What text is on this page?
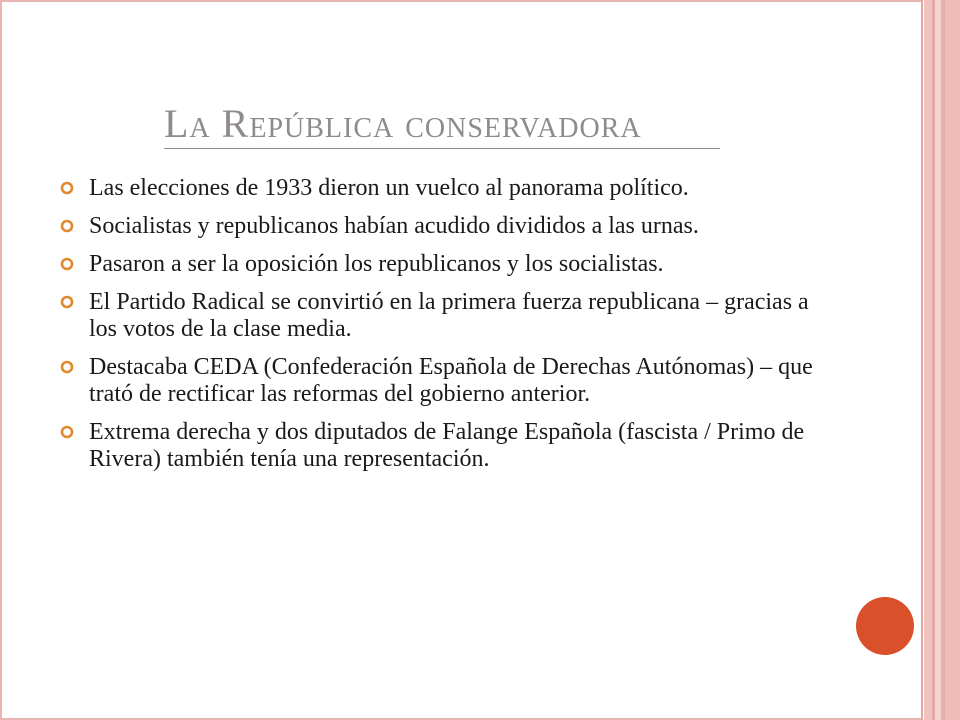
La República conservadora
Las elecciones de 1933 dieron un vuelco al panorama político.
Socialistas y republicanos habían acudido divididos a las urnas.
Pasaron a ser la oposición los republicanos y los socialistas.
El Partido Radical se convirtió en la primera fuerza republicana – gracias a los votos de la clase media.
Destacaba CEDA (Confederación Española de Derechas Autónomas) – que trató de rectificar las reformas del gobierno anterior.
Extrema derecha y dos diputados de Falange Española (fascista / Primo de Rivera) también tenía una representación.
